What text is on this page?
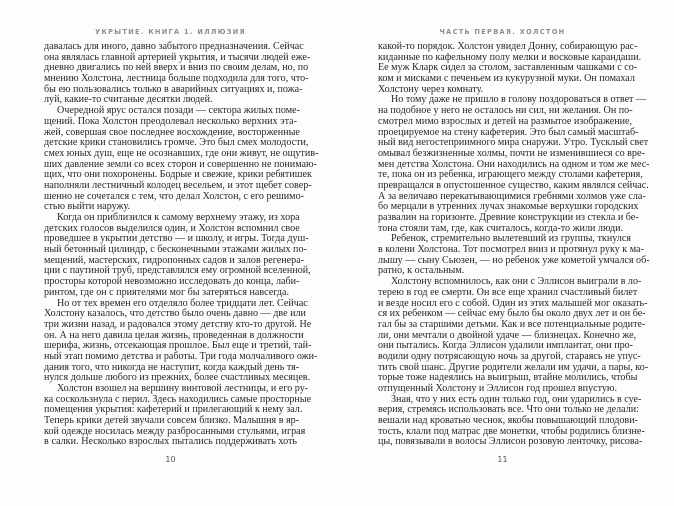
УКРЫТИЕ. КНИГА 1. ИЛЛЮЗИЯ
давалась для иного, давно забытого предназначения. Сейчас
она являлась главной артерией укрытия, и тысячи людей еже-
дневно двигались по ней вверх и вниз по своим делам, но, по
мнению Холстона, лестница больше подходила для того, что-
бы ею пользовались только в аварийных ситуациях и, пожа-
луй, какие-то считаные десятки людей.
Очередной ярус остался позади — сектора жилых поме-
щений. Пока Холстон преодолевал несколько верхних эта-
жей, совершая свое последнее восхождение, восторженные
детские крики становились громче. Это был смех молодости,
смех юных душ, еще не осознавших, где они живут, не ощутив-
ших давление земли со всех сторон и совершенно не понимаю-
щих, что они похоронены. Бодрые и свежие, крики ребятишек
наполняли лестничный колодец весельем, и этот щебет совер-
шенно не сочетался с тем, что делал Холстон, с его решимо-
стью выйти наружу.
Когда он приблизился к самому верхнему этажу, из хора
детских голосов выделился один, и Холстон вспомнил свое
проведшее в укрытии детство — и школу, и игры. Тогда душ-
ный бетонный цилиндр, с бесконечными этажами жилых по-
мещений, мастерских, гидропонных садов и залов регенера-
ции с паутиной труб, представлялся ему огромной вселенной,
просторы которой невозможно исследовать до конца, лаби-
ринтом, где он с приятелями мог бы затеряться навсегда.
Но от тех времен его отделяло более тридцати лет. Сейчас
Холстону казалось, что детство было очень давно — две или
три жизни назад, и радовался этому детству кто-то другой. Не
он. А на него давила целая жизнь, проведенная в должности
шерифа, жизнь, отсекающая прошлое. Был еще и третий, тай-
ный этап помимо детства и работы. Три года молчаливого ожи-
дания того, что никогда не наступит, когда каждый день тя-
нулся дольше любого из прежних, более счастливых месяцев.
Холстон взошел на вершину винтовой лестницы, и его ру-
ка соскользнула с перил. Здесь находились самые просторные
помещения укрытия: кафетерий и прилегающий к нему зал.
Теперь крики детей звучали совсем близко. Малышня в яр-
кой одежде носилась между разбросанными стульями, играя
в салки. Несколько взрослых пытались поддерживать хоть
10
ЧАСТЬ ПЕРВАЯ. ХОЛСТОН
какой-то порядок. Холстон увидел Донну, собирающую рас-
киданные по кафельному полу мелки и восковые карандаши.
Ее муж Кларк сидел за столом, заставленным чашками с со-
ком и мисками с печеньем из кукурузной муки. Он помахал
Холстону через комнату.
Но тому даже не пришло в голову поздороваться в ответ —
на подобное у него не осталось ни сил, ни желания. Он по-
смотрел мимо взрослых и детей на размытое изображение,
проецируемое на стену кафетерия. Это был самый масштаб-
ный вид негостеприимного мира снаружи. Утро. Тусклый свет
омывал безжизненные холмы, почти не изменившиеся со вре-
мен детства Холстона. Они находились на одном и том же мес-
те, пока он из ребенка, играющего между столами кафетерия,
превращался в опустошенное существо, каким являлся сейчас.
А за величаво перекатывающимися гребнями холмов уже сла-
бо мерцали в утренних лучах знакомые верхушки городских
развалин на горизонте. Древние конструкции из стекла и бе-
тона стояли там, где, как считалось, когда-то жили люди.
Ребенок, стремительно вылетевший из группы, ткнулся
в колени Холстона. Тот посмотрел вниз и протянул руку к ма-
лышу — сыну Сьюзен, — но ребенок уже кометой умчался об-
ратно, к остальным.
Холстону вспомнилось, как они с Эллисон выиграли в ло-
терею в год ее смерти. Он все еще хранил счастливый билет
и везде носил его с собой. Один из этих малышей мог оказать-
ся их ребенком — сейчас ему было бы около двух лет и он бе-
гал бы за старшими детьми. Как и все потенциальные родите-
ли, они мечтали о двойной удаче — близнецах. Конечно же,
они пытались. Когда Эллисон удалили имплантат, они про-
водили одну потрясающую ночь за другой, стараясь не упус-
тить свой шанс. Другие родители желали им удачи, а пары, ко-
торые тоже надеялись на выигрыш, втайне молились, чтобы
отпущенный Холстону и Эллисон год прошел впустую.
Зная, что у них есть один только год, они ударились в суе-
верия, стремясь использовать все. Что они только не делали:
вешали над кроватью чеснок, якобы повышающий плодови-
тость, клали под матрас две монетки, чтобы родились близне-
цы, повязывали в волосы Эллисон розовую ленточку, рисова-
11
